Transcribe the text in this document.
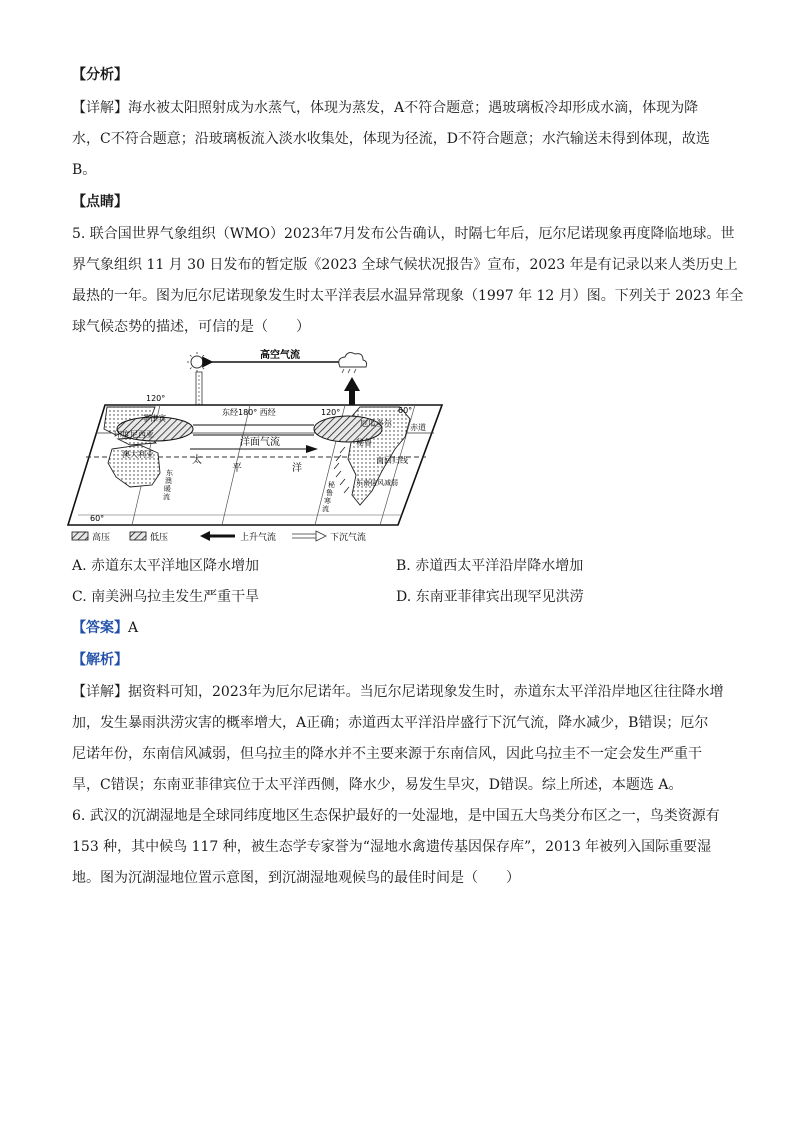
【分析】
【详解】海水被太阳照射成为水蒸气，体现为蒸发，A不符合题意；遇玻璃板冷却形成水滴，体现为降
水，C不符合题意；沿玻璃板流入淡水收集处，体现为径流，D不符合题意；水汽输送未得到体现，故选
B。
【点睛】
5. 联合国世界气象组织（WMO）2023年7月发布公告确认，时隔七年后，厄尔尼诺现象再度降临地球。世
界气象组织 11 月 30 日发布的暂定版《2023 全球气候状况报告》宣布，2023 年是有记录以来人类历史上
最热的一年。图为厄尔尼诺现象发生时太平洋表层水温异常现象（1997 年 12 月）图。下列关于 2023 年全
球气候态势的描述，可信的是（　　）
高空气流
120°
东经180° 西经	120°	60°
60°
赤道
南回归线
洋面气流
太
平	洋
澳大利亚
菲律宾
印度尼西亚
厄瓜多尔
秘鲁
秘
鲁
寒
流
东南信风减弱
东
澳
暖
流
高压	低压	上升气流	下沉气流
A. 赤道东太平洋地区降水增加	B. 赤道西太平洋沿岸降水增加
C. 南美洲乌拉圭发生严重干旱	D. 东南亚菲律宾出现罕见洪涝
【答案】A
【解析】
【详解】据资料可知，2023年为厄尔尼诺年。当厄尔尼诺现象发生时，赤道东太平洋沿岸地区往往降水增
加，发生暴雨洪涝灾害的概率增大，A正确；赤道西太平洋沿岸盛行下沉气流，降水减少，B错误；厄尔
尼诺年份，东南信风减弱，但乌拉圭的降水并不主要来源于东南信风，因此乌拉圭不一定会发生严重干
旱，C错误；东南亚菲律宾位于太平洋西侧，降水少，易发生旱灾，D错误。综上所述，本题选 A。
6. 武汉的沉湖湿地是全球同纬度地区生态保护最好的一处湿地，是中国五大鸟类分布区之一，鸟类资源有
153 种，其中候鸟 117 种，被生态学专家誉为“湿地水禽遗传基因保存库”，2013 年被列入国际重要湿
地。图为沉湖湿地位置示意图，到沉湖湿地观候鸟的最佳时间是（　　）
